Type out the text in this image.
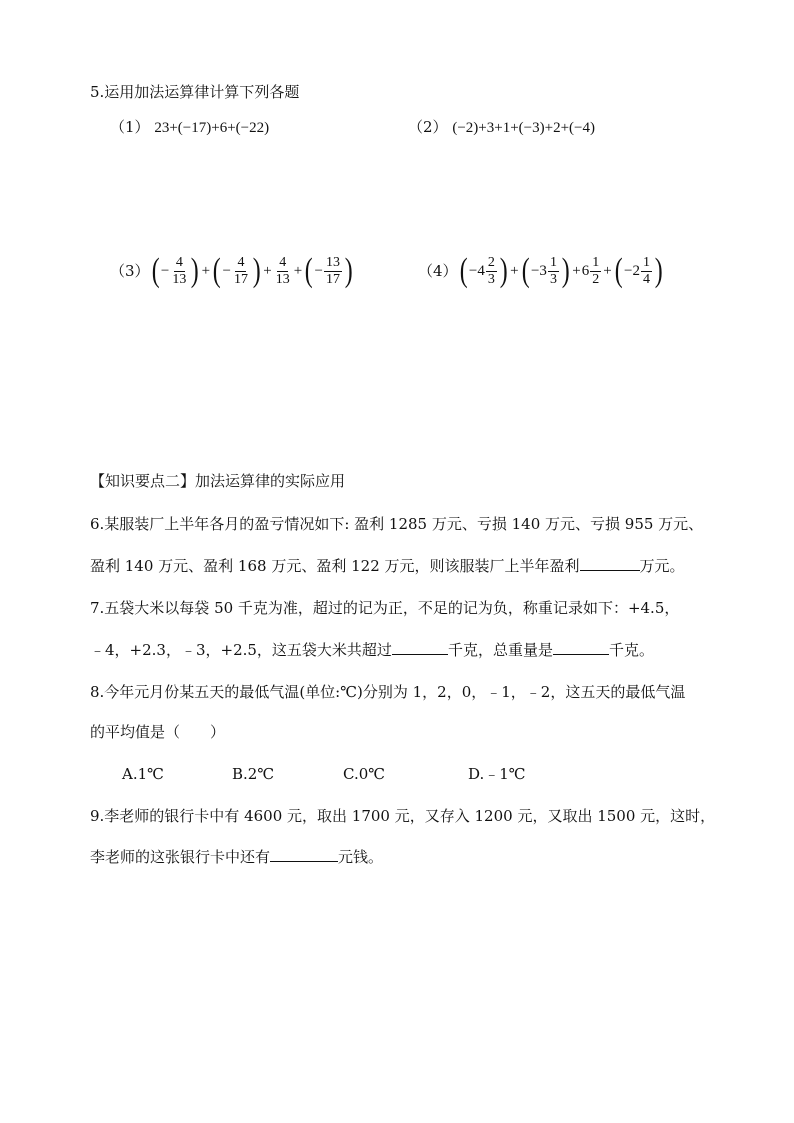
5.运用加法运算律计算下列各题
（1） 23+(−17)+6+(−22)	（2） (−2)+3+1+(−3)+2+(−4)
（3） ( − $\frac{4}{13}$ ) + ( − $\frac{4}{17}$ ) + $\frac{4}{13}$ + ( − $\frac{13}{17}$ )	（4） ( $-4 \frac{2}{3}$ ) + ( $-3 \frac{1}{3}$ ) + $6 \frac{1}{2}$ + ( $-2 \frac{1}{4}$ )
【知识要点二】加法运算律的实际应用
6.某服装厂上半年各月的盈亏情况如下: 盈利 1285 万元、亏损 140 万元、亏损 955 万元、
盈利 140 万元、盈利 168 万元、盈利 122 万元，则该服装厂上半年盈利	万元。
7.五袋大米以每袋 50 千克为准，超过的记为正，不足的记为负，称重记录如下：+4.5，
﹣4，+2.3，﹣3，+2.5，这五袋大米共超过	千克，总重量是	千克。
8.今年元月份某五天的最低气温(单位:℃)分别为 1，2，0，﹣1，﹣2，这五天的最低气温
的平均值是（　　）
A.1℃	B.2℃	C.0℃	D.﹣1℃
9.李老师的银行卡中有 4600 元，取出 1700 元，又存入 1200 元，又取出 1500 元，这时，
李老师的这张银行卡中还有	元钱。
